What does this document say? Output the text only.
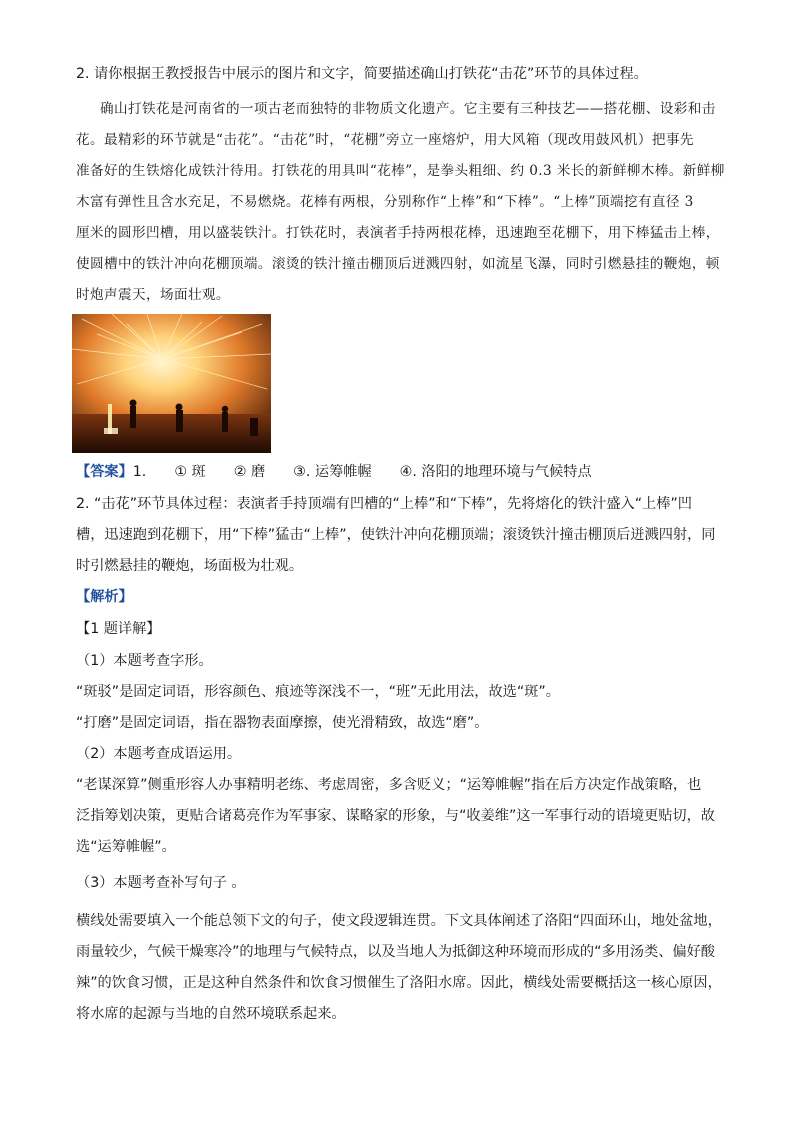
2. 请你根据王教授报告中展示的图片和文字，简要描述确山打铁花“击花”环节的具体过程。

确山打铁花是河南省的一项古老而独特的非物质文化遗产。它主要有三种技艺——搭花棚、设彩和击

花。最精彩的环节就是“击花”。“击花”时，“花棚”旁立一座熔炉，用大风箱（现改用鼓风机）把事先

准备好的生铁熔化成铁汁待用。打铁花的用具叫“花棒”，是拳头粗细、约 0.3 米长的新鲜柳木棒。新鲜柳

木富有弹性且含水充足，不易燃烧。花棒有两根，分别称作“上棒”和“下棒”。“上棒”顶端挖有直径 3

厘米的圆形凹槽，用以盛装铁汁。打铁花时，表演者手持两根花棒，迅速跑至花棚下，用下棒猛击上棒，

使圆槽中的铁汁冲向花棚顶端。滚烫的铁汁撞击棚顶后迸溅四射，如流星飞瀑，同时引燃悬挂的鞭炮，顿

时炮声震天，场面壮观。

【答案】1. ① 斑 ② 磨 ③. 运筹帷幄 ④. 洛阳的地理环境与气候特点

2. “击花”环节具体过程：表演者手持顶端有凹槽的“上棒”和“下棒”，先将熔化的铁汁盛入“上棒”凹

槽，迅速跑到花棚下，用“下棒”猛击“上棒”，使铁汁冲向花棚顶端；滚烫铁汁撞击棚顶后迸溅四射，同

时引燃悬挂的鞭炮，场面极为壮观。

【解析】

【1 题详解】

（1）本题考查字形。

“斑驳”是固定词语，形容颜色、痕迹等深浅不一，“班”无此用法，故选“斑”。

“打磨”是固定词语，指在器物表面摩擦，使光滑精致，故选“磨”。

（2）本题考查成语运用。

“老谋深算”侧重形容人办事精明老练、考虑周密，多含贬义；“运筹帷幄”指在后方决定作战策略，也

泛指筹划决策，更贴合诸葛亮作为军事家、谋略家的形象，与“收姜维”这一军事行动的语境更贴切，故

选“运筹帷幄”。

（3）本题考查补写句子 。

横线处需要填入一个能总领下文的句子，使文段逻辑连贯。下文具体阐述了洛阳“四面环山，地处盆地，

雨量较少，气候干燥寒冷”的地理与气候特点，以及当地人为抵御这种环境而形成的“多用汤类、偏好酸

辣”的饮食习惯，正是这种自然条件和饮食习惯催生了洛阳水席。因此，横线处需要概括这一核心原因，

将水席的起源与当地的自然环境联系起来。
